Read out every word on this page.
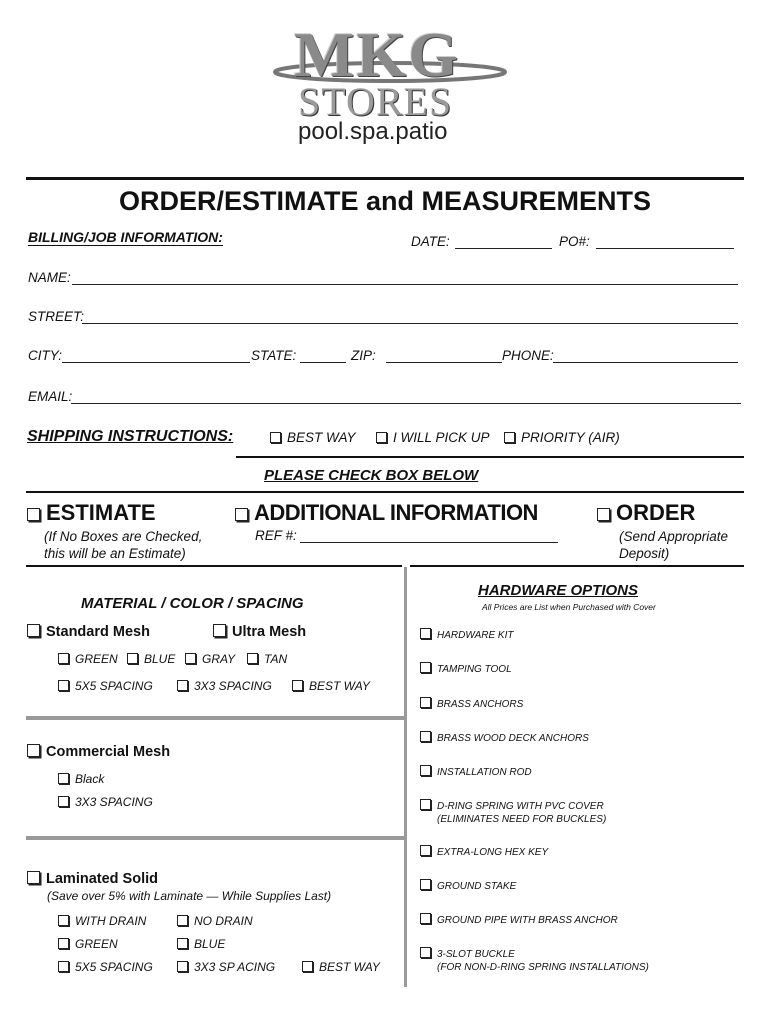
MKG
STORES
pool.spa.patio
ORDER/ESTIMATE and MEASUREMENTS
BILLING/JOB INFORMATION:	DATE:	PO#:
NAME:
STREET:
CITY:	STATE:	ZIP:	PHONE:
EMAIL:
SHIPPING INSTRUCTIONS:	BEST WAY	I WILL PICK UP	PRIORITY (AIR)
PLEASE CHECK BOX BELOW
ESTIMATE
(If No Boxes are Checked,
this will be an Estimate)
ADDITIONAL INFORMATION
REF #:
ORDER
(Send Appropriate
Deposit)
MATERIAL / COLOR / SPACING
Standard Mesh	Ultra Mesh
GREEN	BLUE	GRAY	TAN
5X5 SPACING	3X3 SPACING	BEST WAY
Commercial Mesh
Black
3X3 SPACING
Laminated Solid
(Save over 5% with Laminate — While Supplies Last)
WITH DRAIN	NO DRAIN
GREEN	BLUE
5X5 SPACING	3X3 SP ACING	BEST WAY
HARDWARE OPTIONS
All Prices are List when Purchased with Cover
HARDWARE KIT
TAMPING TOOL
BRASS ANCHORS
BRASS WOOD DECK ANCHORS
INSTALLATION ROD
D-RING SPRING WITH PVC COVER
(ELIMINATES NEED FOR BUCKLES)
EXTRA-LONG HEX KEY
GROUND STAKE
GROUND PIPE WITH BRASS ANCHOR
3-SLOT BUCKLE
(FOR NON-D-RING SPRING INSTALLATIONS)
